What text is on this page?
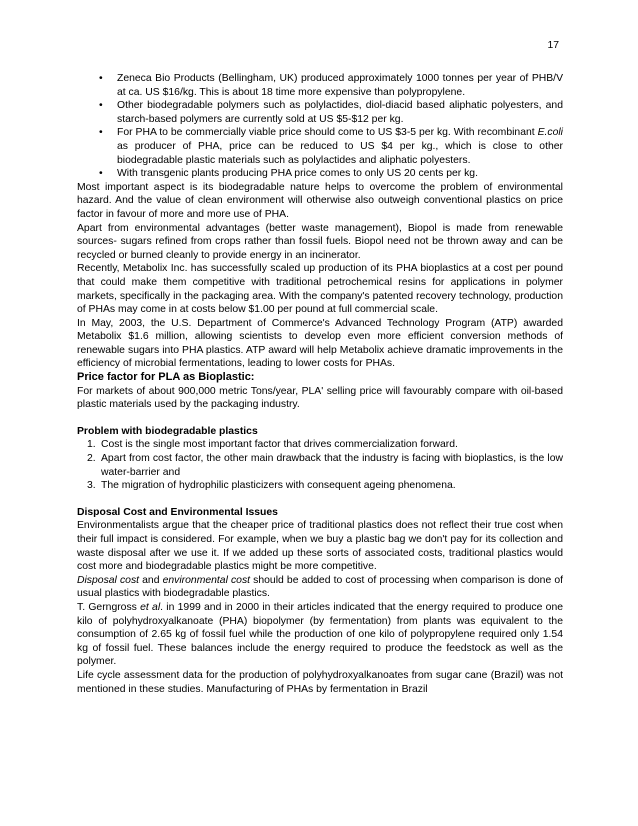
17
• Zeneca Bio Products (Bellingham, UK) produced approximately 1000 tonnes per year of PHB/V at ca. US $16/kg. This is about 18 time more expensive than polypropylene.
• Other biodegradable polymers such as polylactides, diol-diacid based aliphatic polyesters, and starch-based polymers are currently sold at US $5-$12 per kg.
• For PHA to be commercially viable price should come to US $3-5 per kg. With recombinant E.coli as producer of PHA, price can be reduced to US $4 per kg., which is close to other biodegradable plastic materials such as polylactides and aliphatic polyesters.
• With transgenic plants producing PHA price comes to only US 20 cents per kg.

Most important aspect is its biodegradable nature helps to overcome the problem of environmental hazard. And the value of clean environment will otherwise also outweigh conventional plastics on price factor in favour of more and more use of PHA.

Apart from environmental advantages (better waste management), Biopol is made from renewable sources- sugars refined from crops rather than fossil fuels. Biopol need not be thrown away and can be recycled or burned cleanly to provide energy in an incinerator.

Recently, Metabolix Inc. has successfully scaled up production of its PHA bioplastics at a cost per pound that could make them competitive with traditional petrochemical resins for applications in polymer markets, specifically in the packaging area. With the company's patented recovery technology, production of PHAs may come in at costs below $1.00 per pound at full commercial scale.

In May, 2003, the U.S. Department of Commerce's Advanced Technology Program (ATP) awarded Metabolix $1.6 million, allowing scientists to develop even more efficient conversion methods of renewable sugars into PHA plastics. ATP award will help Metabolix achieve dramatic improvements in the efficiency of microbial fermentations, leading to lower costs for PHAs.

Price factor for PLA as Bioplastic:

For markets of about 900,000 metric Tons/year, PLA' selling price will favourably compare with oil-based plastic materials used by the packaging industry.

Problem with biodegradable plastics

1. Cost is the single most important factor that drives commercialization forward.
2. Apart from cost factor, the other main drawback that the industry is facing with bioplastics, is the low water-barrier and
3. The migration of hydrophilic plasticizers with consequent ageing phenomena.

Disposal Cost and Environmental Issues

Environmentalists argue that the cheaper price of traditional plastics does not reflect their true cost when their full impact is considered. For example, when we buy a plastic bag we don't pay for its collection and waste disposal after we use it. If we added up these sorts of associated costs, traditional plastics would cost more and biodegradable plastics might be more competitive.

Disposal cost and environmental cost should be added to cost of processing when comparison is done of usual plastics with biodegradable plastics.

T. Gerngross et al. in 1999 and in 2000 in their articles indicated that the energy required to produce one kilo of polyhydroxyalkanoate (PHA) biopolymer (by fermentation) from plants was equivalent to the consumption of 2.65 kg of fossil fuel while the production of one kilo of polypropylene required only 1.54 kg of fossil fuel. These balances include the energy required to produce the feedstock as well as the polymer.

Life cycle assessment data for the production of polyhydroxyalkanoates from sugar cane (Brazil) was not mentioned in these studies. Manufacturing of PHAs by fermentation in Brazil
